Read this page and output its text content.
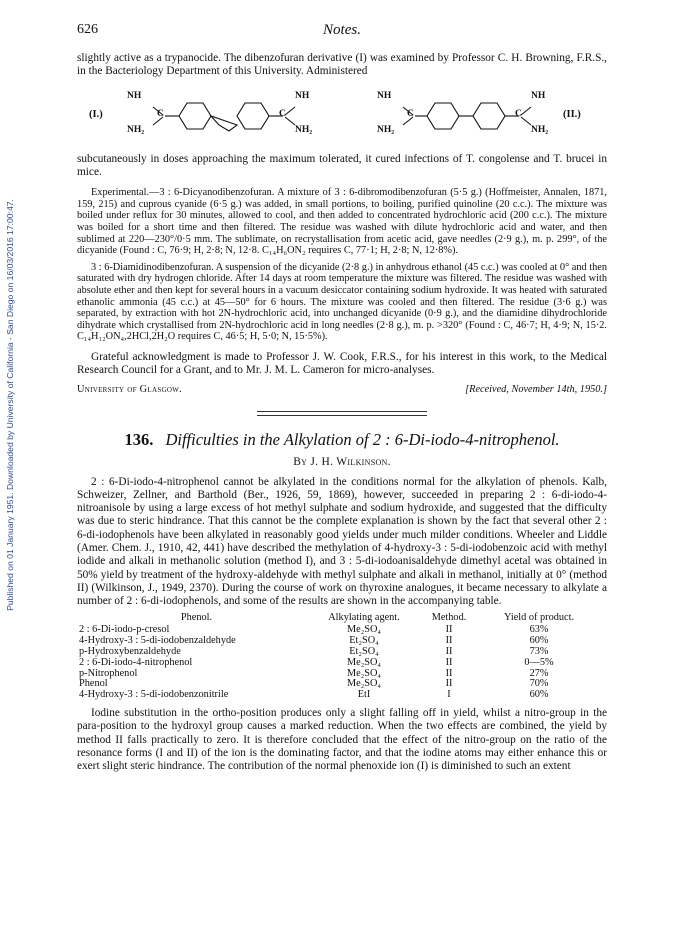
Published on 01 January 1951. Downloaded by University of California - San Diego on 16/03/2016 17:00:47.
626	Notes.

slightly active as a trypanocide. The dibenzofuran derivative (I) was examined by Professor C. H. Browning, F.R.S., in the Bacteriology Department of this University. Administered

(I.)
NH
NH₂
C	C
NH
NH₂
NH
NH₂
C	C
NH
NH₂
(II.)

subcutaneously in doses approaching the maximum tolerated, it cured infections of T. congolense and T. brucei in mice.

Experimental.—3 : 6-Dicyanodibenzofuran. A mixture of 3 : 6-dibromodibenzofuran (5·5 g.) (Hoffmeister, Annalen, 1871, 159, 215) and cuprous cyanide (6·5 g.) was added, in small portions, to boiling, purified quinoline (20 c.c.). The mixture was boiled under reflux for 30 minutes, allowed to cool, and then added to concentrated hydrochloric acid (200 c.c.). The mixture was boiled for a short time and then filtered. The residue was washed with dilute hydrochloric acid and water, and then sublimed at 220—230°/0·5 mm. The sublimate, on recrystallisation from acetic acid, gave needles (2·9 g.), m. p. 299°, of the dicyanide (Found : C, 76·9; H, 2·8; N, 12·8. C₁₄H₆ON₂ requires C, 77·1; H, 2·8; N, 12·8%).

3 : 6-Diamidinodibenzofuran. A suspension of the dicyanide (2·8 g.) in anhydrous ethanol (45 c.c.) was cooled at 0° and then saturated with dry hydrogen chloride. After 14 days at room temperature the mixture was filtered. The residue was washed with absolute ether and then kept for several hours in a vacuum desiccator containing sodium hydroxide. It was heated with saturated ethanolic ammonia (45 c.c.) at 45—50° for 6 hours. The mixture was cooled and then filtered. The residue (3·6 g.) was separated, by extraction with hot 2N-hydrochloric acid, into unchanged dicyanide (0·9 g.), and the diamidine dihydrochloride dihydrate which crystallised from 2N-hydrochloric acid in long needles (2·8 g.), m. p. >320° (Found : C, 46·7; H, 4·9; N, 15·2. C₁₄H₁₂ON₄,2HCl,2H₂O requires C, 46·5; H, 5·0; N, 15·5%).

Grateful acknowledgment is made to Professor J. W. Cook, F.R.S., for his interest in this work, to the Medical Research Council for a Grant, and to Mr. J. M. L. Cameron for micro-analyses.

University of Glasgow.	[Received, November 14th, 1950.]
136. Difficulties in the Alkylation of 2 : 6-Di-iodo-4-nitrophenol.
By J. H. Wilkinson.

2 : 6-Di-iodo-4-nitrophenol cannot be alkylated in the conditions normal for the alkylation of phenols. Kalb, Schweizer, Zellner, and Barthold (Ber., 1926, 59, 1869), however, succeeded in preparing 2 : 6-di-iodo-4-nitroanisole by using a large excess of hot methyl sulphate and sodium hydroxide, and suggested that the difficulty was due to steric hindrance. That this cannot be the complete explanation is shown by the fact that several other 2 : 6-di-iodophenols have been alkylated in reasonably good yields under much milder conditions. Wheeler and Liddle (Amer. Chem. J., 1910, 42, 441) have described the methylation of 4-hydroxy-3 : 5-di-iodobenzoic acid with methyl iodide and alkali in methanolic solution (method I), and 3 : 5-di-iodoanisaldehyde dimethyl acetal was obtained in 50% yield by treatment of the hydroxy-aldehyde with methyl sulphate and alkali in methanol, initially at 0° (method II) (Wilkinson, J., 1949, 2370). During the course of work on thyroxine analogues, it became necessary to alkylate a number of 2 : 6-di-iodophenols, and some of the results are shown in the accompanying table.

Phenol.	Alkylating agent.	Method.	Yield of product.
2 : 6-Di-iodo-p-cresol	Me₂SO₄	II	63%
4-Hydroxy-3 : 5-di-iodobenzaldehyde	Et₂SO₄	II	60%
p-Hydroxybenzaldehyde	Et₂SO₄	II	73%
2 : 6-Di-iodo-4-nitrophenol	Me₂SO₄	II	0—5%
p-Nitrophenol	Me₂SO₄	II	27%
Phenol	Me₂SO₄	II	70%
4-Hydroxy-3 : 5-di-iodobenzonitrile	EtI	I	60%

Iodine substitution in the ortho-position produces only a slight falling off in yield, whilst a nitro-group in the para-position to the hydroxyl group causes a marked reduction. When the two effects are combined, the yield by method II falls practically to zero. It is therefore concluded that the effect of the nitro-group on the ratio of the resonance forms (I and II) of the ion is the dominating factor, and that the iodine atoms may either enhance this or exert slight steric hindrance. The contribution of the normal phenoxide ion (I) is diminished to such an extent
